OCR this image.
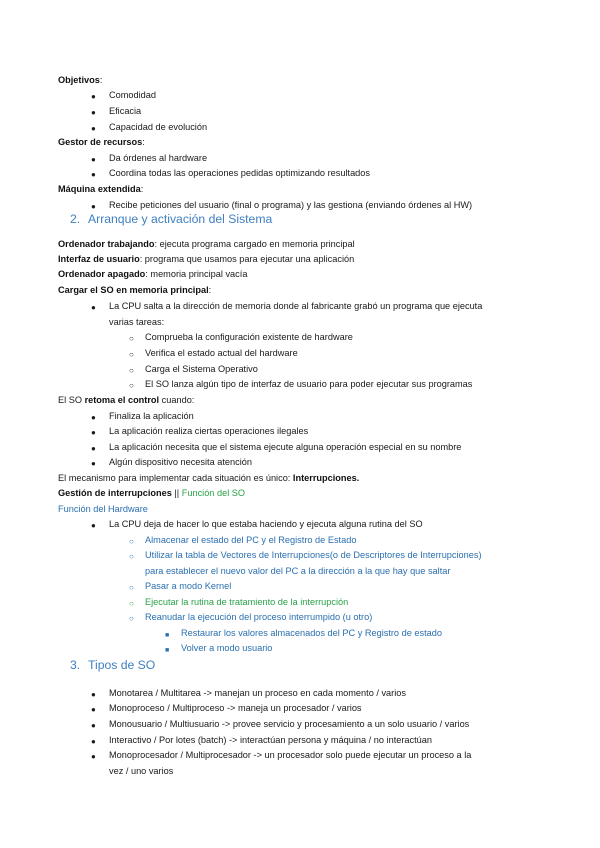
Objetivos:
● Comodidad
● Eficacia
● Capacidad de evolución
Gestor de recursos:
● Da órdenes al hardware
● Coordina todas las operaciones pedidas optimizando resultados
Máquina extendida:
● Recibe peticiones del usuario (final o programa) y las gestiona (enviando órdenes al HW)
2. Arranque y activación del Sistema
Ordenador trabajando: ejecuta programa cargado en memoria principal
Interfaz de usuario: programa que usamos para ejecutar una aplicación
Ordenador apagado: memoria principal vacía
Cargar el SO en memoria principal:
● La CPU salta a la dirección de memoria donde al fabricante grabó un programa que ejecuta
varias tareas:
○ Comprueba la configuración existente de hardware
○ Verifica el estado actual del hardware
○ Carga el Sistema Operativo
○ El SO lanza algún tipo de interfaz de usuario para poder ejecutar sus programas
El SO retoma el control cuando:
● Finaliza la aplicación
● La aplicación realiza ciertas operaciones ilegales
● La aplicación necesita que el sistema ejecute alguna operación especial en su nombre
● Algún dispositivo necesita atención
El mecanismo para implementar cada situación es único: Interrupciones.
Gestión de interrupciones || Función del SO
Función del Hardware
● La CPU deja de hacer lo que estaba haciendo y ejecuta alguna rutina del SO
○ Almacenar el estado del PC y el Registro de Estado
○ Utilizar la tabla de Vectores de Interrupciones(o de Descriptores de Interrupciones)
para establecer el nuevo valor del PC a la dirección a la que hay que saltar
○ Pasar a modo Kernel
○ Ejecutar la rutina de tratamiento de la interrupción
○ Reanudar la ejecución del proceso interrumpido (u otro)
■ Restaurar los valores almacenados del PC y Registro de estado
■ Volver a modo usuario
3. Tipos de SO
● Monotarea / Multitarea -> manejan un proceso en cada momento / varios
● Monoproceso / Multiproceso -> maneja un procesador / varios
● Monousuario / Multiusuario -> provee servicio y procesamiento a un solo usuario / varios
● Interactivo / Por lotes (batch) -> interactúan persona y máquina / no interactúan
● Monoprocesador / Multiprocesador -> un procesador solo puede ejecutar un proceso a la
vez / uno varios
